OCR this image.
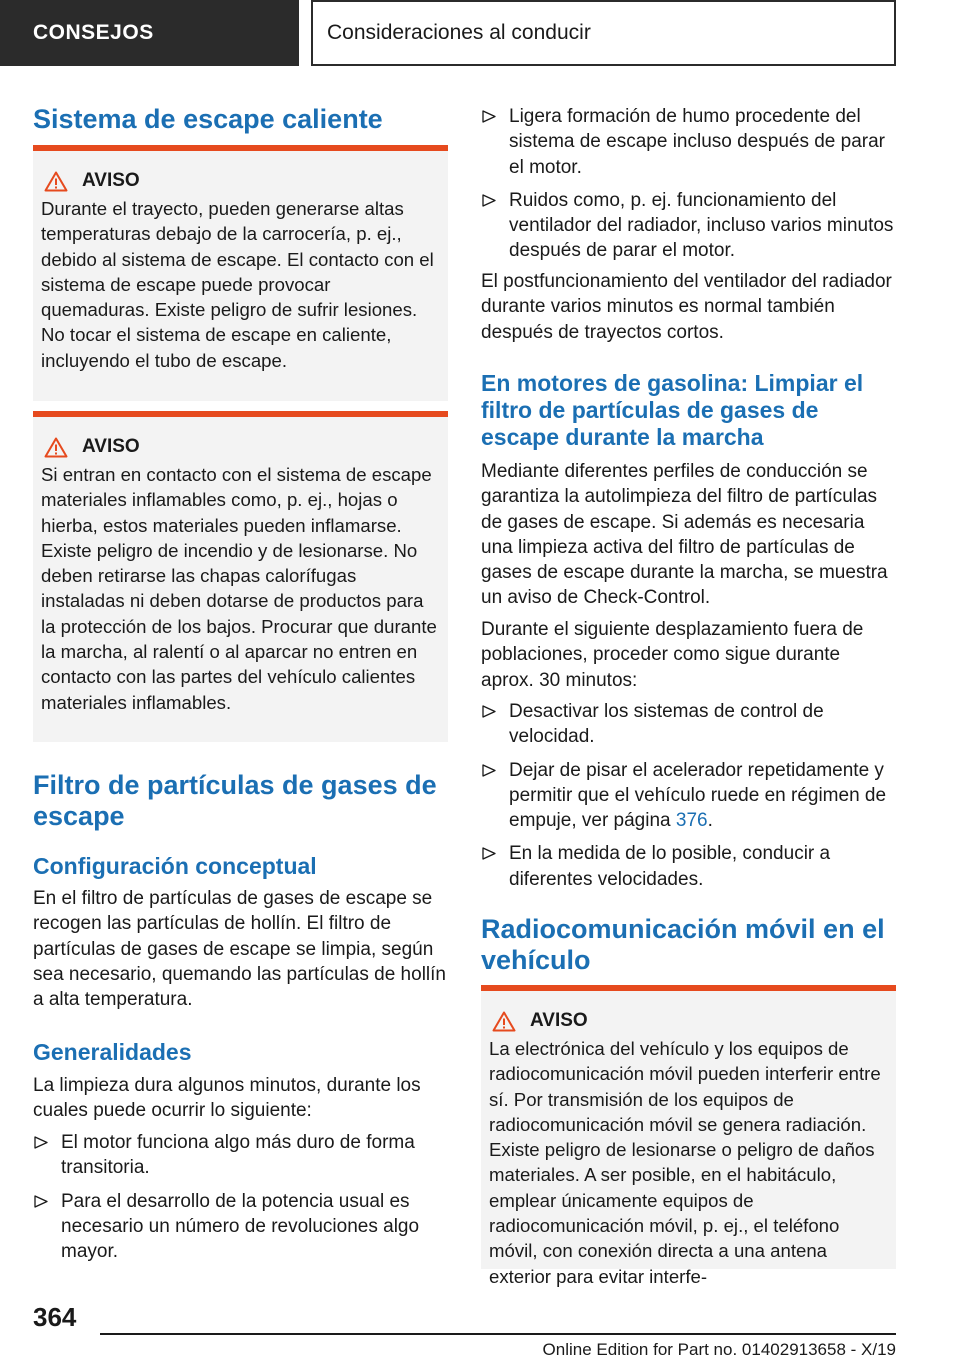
CONSEJOS	Consideraciones al conducir
Sistema de escape caliente
AVISO

Durante el trayecto, pueden generarse altas temperaturas debajo de la carrocería, p. ej., debido al sistema de escape. El contacto con el sistema de escape puede provocar quemaduras. Existe peligro de sufrir lesiones. No tocar el sistema de escape en caliente, incluyendo el tubo de escape.

AVISO

Si entran en contacto con el sistema de escape materiales inflamables como, p. ej., hojas o hierba, estos materiales pueden inflamarse. Existe peligro de incendio y de lesionarse. No deben retirarse las chapas calorífugas instaladas ni deben dotarse de productos para la protección de los bajos. Procurar que durante la marcha, al ralentí o al aparcar no entren en contacto con las partes del vehículo calientes materiales inflamables.

Filtro de partículas de gases de escape
Configuración conceptual

En el filtro de partículas de gases de escape se recogen las partículas de hollín. El filtro de partículas de gases de escape se limpia, según sea necesario, quemando las partículas de hollín a alta temperatura.

Generalidades

La limpieza dura algunos minutos, durante los cuales puede ocurrir lo siguiente:

El motor funciona algo más duro de forma transitoria.
Para el desarrollo de la potencia usual es necesario un número de revoluciones algo mayor.
Ligera formación de humo procedente del sistema de escape incluso después de parar el motor.
Ruidos como, p. ej. funcionamiento del ventilador del radiador, incluso varios minutos después de parar el motor.

El postfuncionamiento del ventilador del radiador durante varios minutos es normal también después de trayectos cortos.

En motores de gasolina: Limpiar el filtro de partículas de gases de escape durante la marcha

Mediante diferentes perfiles de conducción se garantiza la autolimpieza del filtro de partículas de gases de escape. Si además es necesaria una limpieza activa del filtro de partículas de gases de escape durante la marcha, se muestra un aviso de Check-Control.

Durante el siguiente desplazamiento fuera de poblaciones, proceder como sigue durante aprox. 30 minutos:

Desactivar los sistemas de control de velocidad.
Dejar de pisar el acelerador repetidamente y permitir que el vehículo ruede en régimen de empuje, ver página 376.
En la medida de lo posible, conducir a diferentes velocidades.
Radiocomunicación móvil en el vehículo
AVISO

La electrónica del vehículo y los equipos de radiocomunicación móvil pueden interferir entre sí. Por transmisión de los equipos de radiocomunicación móvil se genera radiación. Existe peligro de lesionarse o peligro de daños materiales. A ser posible, en el habitáculo, emplear únicamente equipos de radiocomunicación móvil, p. ej., el teléfono móvil, con conexión directa a una antena exterior para evitar interfe-

364
Online Edition for Part no. 01402913658 - X/19
